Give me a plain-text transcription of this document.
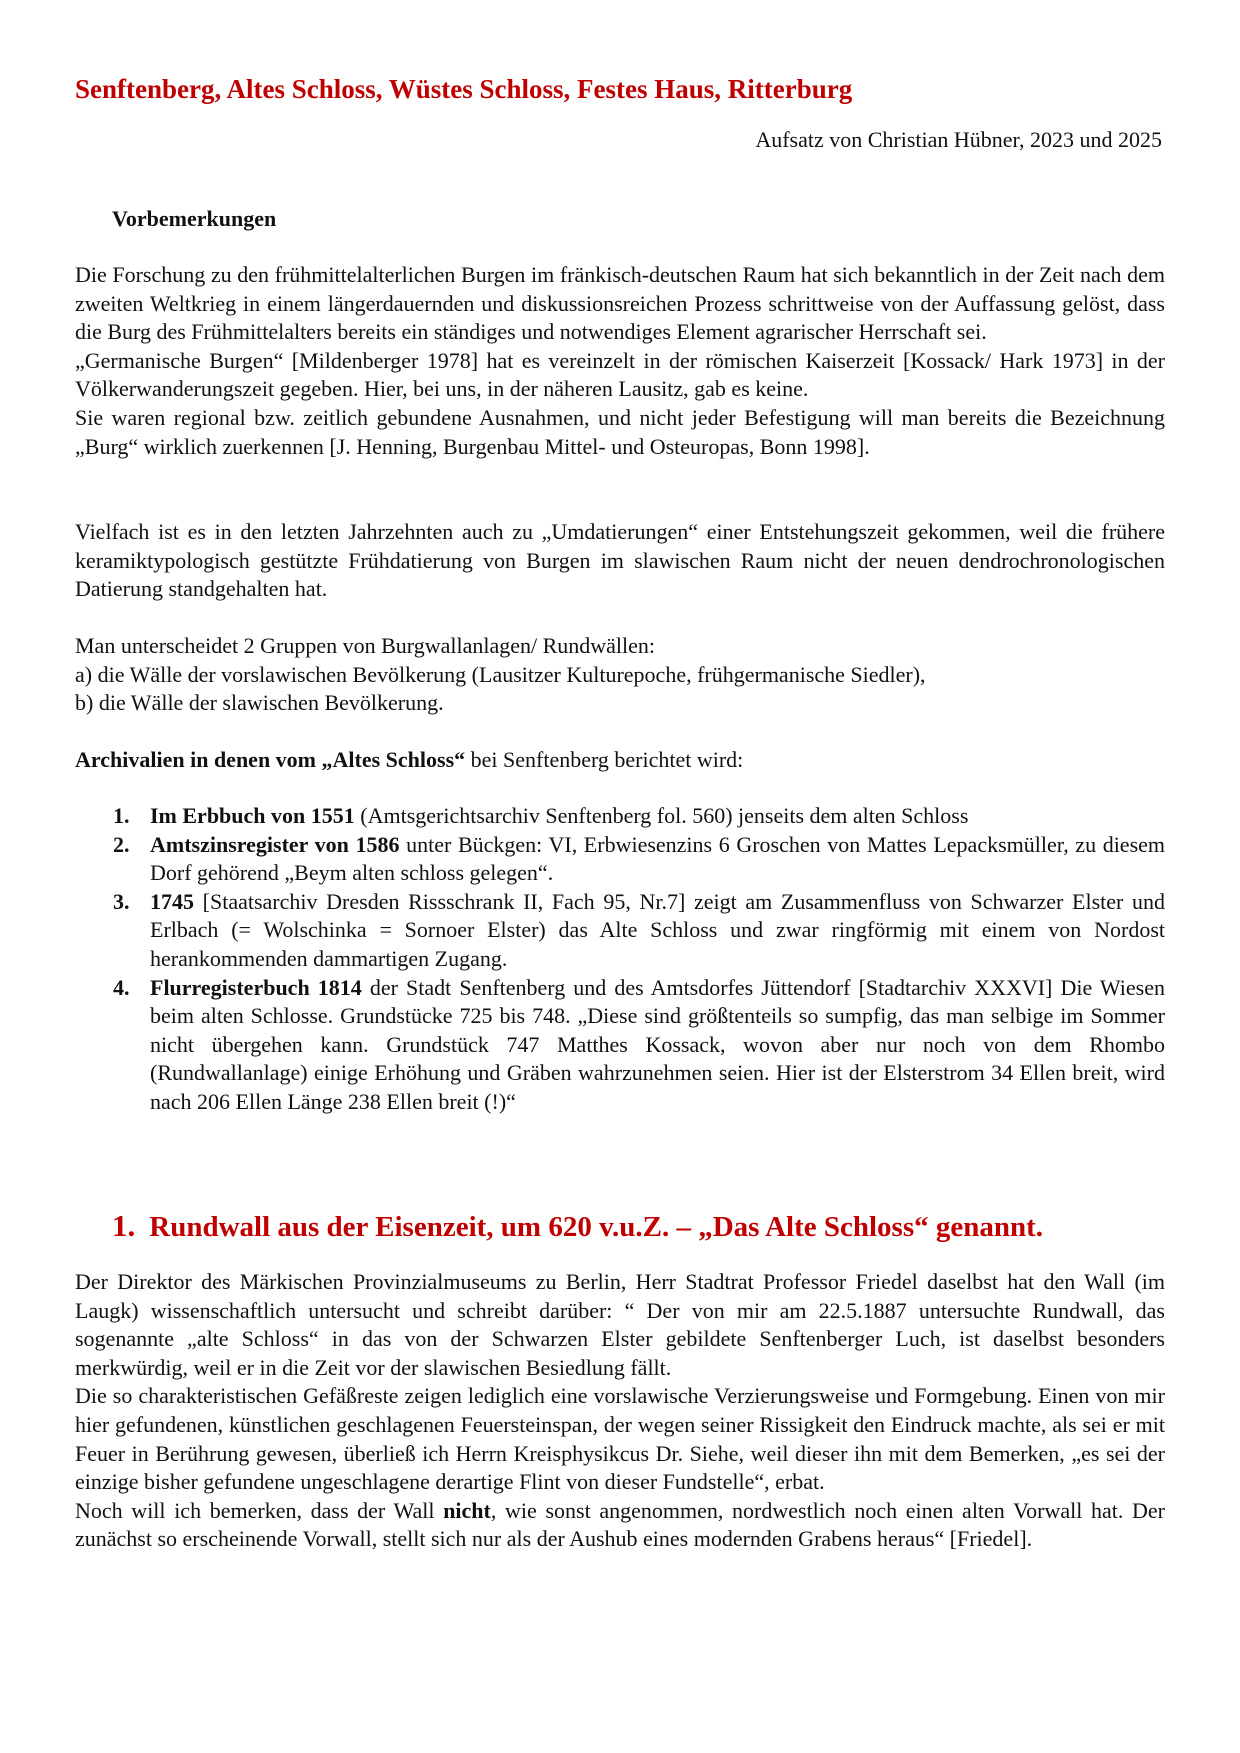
Senftenberg, Altes Schloss, Wüstes Schloss, Festes Haus, Ritterburg

Aufsatz von Christian Hübner, 2023 und 2025

Vorbemerkungen

Die Forschung zu den frühmittelalterlichen Burgen im fränkisch-deutschen Raum hat sich bekanntlich in der Zeit nach dem zweiten Weltkrieg in einem längerdauernden und diskussionsreichen Prozess schrittweise von der Auffassung gelöst, dass die Burg des Frühmittelalters bereits ein ständiges und notwendiges Element agrarischer Herrschaft sei.

„Germanische Burgen“ [Mildenberger 1978] hat es vereinzelt in der römischen Kaiserzeit [Kossack/ Hark 1973] in der Völkerwanderungszeit gegeben. Hier, bei uns, in der näheren Lausitz, gab es keine.

Sie waren regional bzw. zeitlich gebundene Ausnahmen, und nicht jeder Befestigung will man bereits die Bezeichnung „Burg“ wirklich zuerkennen [J. Henning, Burgenbau Mittel- und Osteuropas, Bonn 1998].

Vielfach ist es in den letzten Jahrzehnten auch zu „Umdatierungen“ einer Entstehungszeit gekommen, weil die frühere keramiktypologisch gestützte Frühdatierung von Burgen im slawischen Raum nicht der neuen dendrochronologischen Datierung standgehalten hat.

Man unterscheidet 2 Gruppen von Burgwallanlagen/ Rundwällen:

a) die Wälle der vorslawischen Bevölkerung (Lausitzer Kulturepoche, frühgermanische Siedler),

b) die Wälle der slawischen Bevölkerung.

Archivalien in denen vom „Altes Schloss“ bei Senftenberg berichtet wird:

1. Im Erbbuch von 1551 (Amtsgerichtsarchiv Senftenberg fol. 560) jenseits dem alten Schloss
2. Amtszinsregister von 1586 unter Bückgen: VI, Erbwiesenzins 6 Groschen von Mattes Lepacksmüller, zu diesem Dorf gehörend „Beym alten schloss gelegen“.
3. 1745 [Staatsarchiv Dresden Rissschrank II, Fach 95, Nr.7] zeigt am Zusammenfluss von Schwarzer Elster und Erlbach (= Wolschinka = Sornoer Elster) das Alte Schloss und zwar ringförmig mit einem von Nordost herankommenden dammartigen Zugang.
4. Flurregisterbuch 1814 der Stadt Senftenberg und des Amtsdorfes Jüttendorf [Stadtarchiv XXXVI] Die Wiesen beim alten Schlosse. Grundstücke 725 bis 748. „Diese sind größtenteils so sumpfig, das man selbige im Sommer nicht übergehen kann. Grundstück 747 Matthes Kossack, wovon aber nur noch von dem Rhombo (Rundwallanlage) einige Erhöhung und Gräben wahrzunehmen seien. Hier ist der Elsterstrom 34 Ellen breit, wird nach 206 Ellen Länge 238 Ellen breit (!)“
1. Rundwall aus der Eisenzeit, um 620 v.u.Z. – „Das Alte Schloss“ genannt.

Der Direktor des Märkischen Provinzialmuseums zu Berlin, Herr Stadtrat Professor Friedel daselbst hat den Wall (im Laugk) wissenschaftlich untersucht und schreibt darüber: “ Der von mir am 22.5.1887 untersuchte Rundwall, das sogenannte „alte Schloss“ in das von der Schwarzen Elster gebildete Senftenberger Luch, ist daselbst besonders merkwürdig, weil er in die Zeit vor der slawischen Besiedlung fällt.

Die so charakteristischen Gefäßreste zeigen lediglich eine vorslawische Verzierungsweise und Formgebung. Einen von mir hier gefundenen, künstlichen geschlagenen Feuersteinspan, der wegen seiner Rissigkeit den Eindruck machte, als sei er mit Feuer in Berührung gewesen, überließ ich Herrn Kreisphysikcus Dr. Siehe, weil dieser ihn mit dem Bemerken, „es sei der einzige bisher gefundene ungeschlagene derartige Flint von dieser Fundstelle“, erbat.

Noch will ich bemerken, dass der Wall nicht, wie sonst angenommen, nordwestlich noch einen alten Vorwall hat. Der zunächst so erscheinende Vorwall, stellt sich nur als der Aushub eines modernden Grabens heraus“ [Friedel].
